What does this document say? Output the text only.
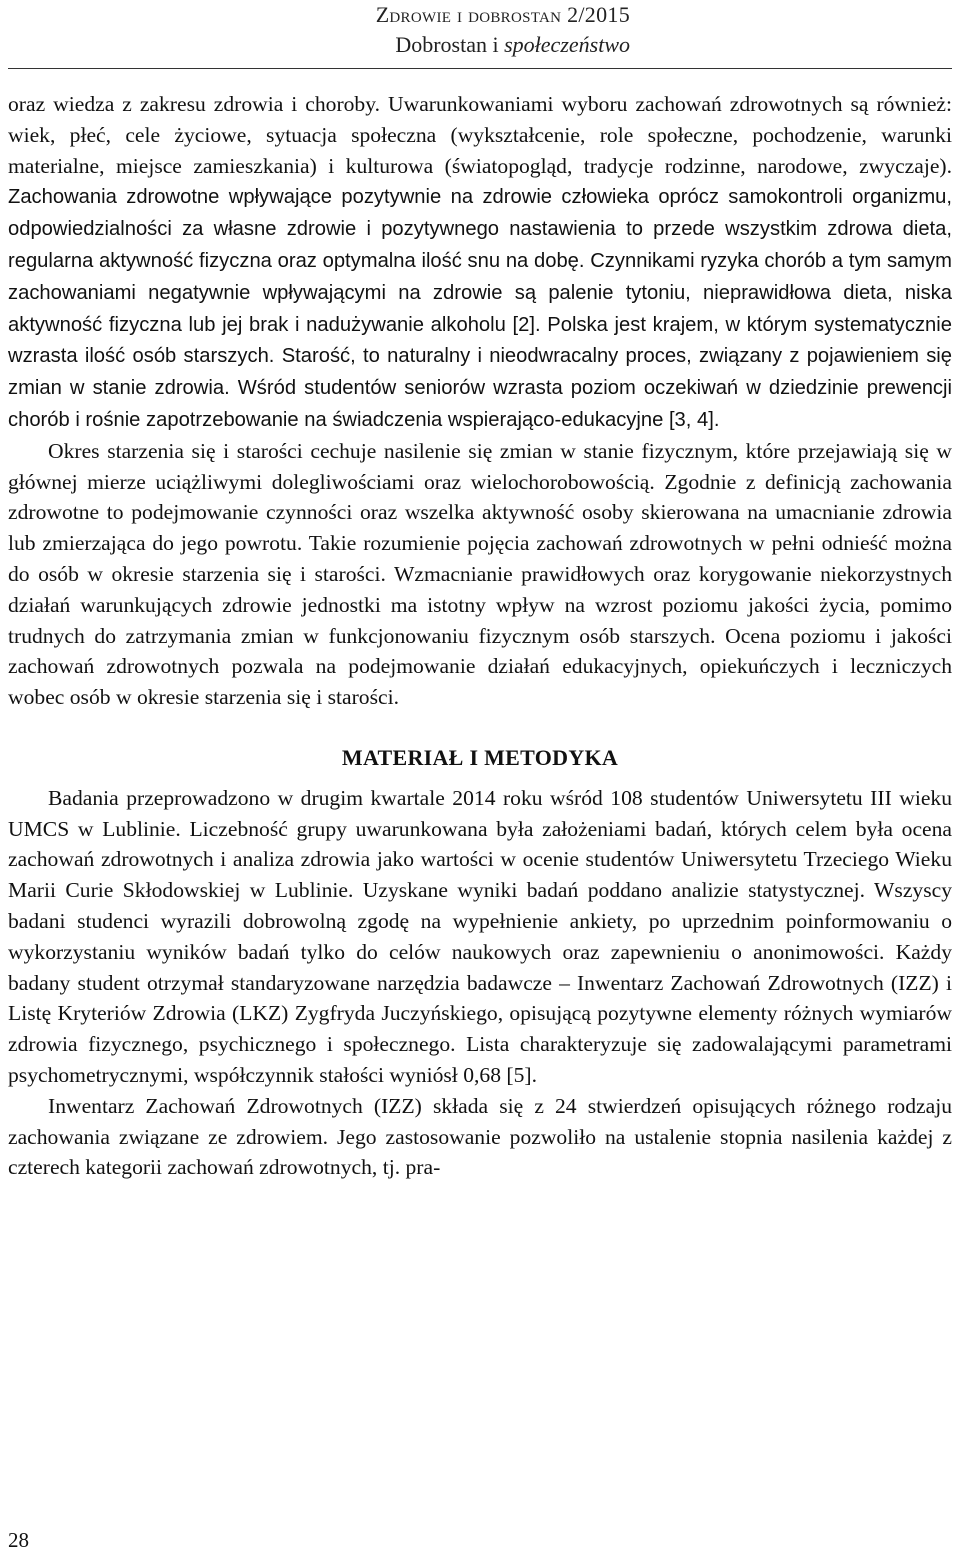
Zdrowie i dobrostan 2/2015
Dobrostan i społeczeństwo

oraz wiedza z zakresu zdrowia i choroby. Uwarunkowaniami wyboru zachowań zdrowotnych są również: wiek, płeć, cele życiowe, sytuacja społeczna (wykształcenie, role społeczne, pochodzenie, warunki materialne, miejsce zamieszkania) i kulturowa (światopogląd, tradycje rodzinne, narodowe, zwyczaje). Zachowania zdrowotne wpływające pozytywnie na zdrowie człowieka oprócz samokontroli organizmu, odpowiedzialności za własne zdrowie i pozytywnego nastawienia to przede wszystkim zdrowa dieta, regularna aktywność fizyczna oraz optymalna ilość snu na dobę. Czynnikami ryzyka chorób a tym samym zachowaniami negatywnie wpływającymi na zdrowie są palenie tytoniu, nieprawidłowa dieta, niska aktywność fizyczna lub jej brak i nadużywanie alkoholu [2]. Polska jest krajem, w którym systematycznie wzrasta ilość osób starszych. Starość, to naturalny i nieodwracalny proces, związany z pojawieniem się zmian w stanie zdrowia. Wśród studentów seniorów wzrasta poziom oczekiwań w dziedzinie prewencji chorób i rośnie zapotrzebowanie na świadczenia wspierająco-edukacyjne [3, 4].

Okres starzenia się i starości cechuje nasilenie się zmian w stanie fizycznym, które przejawiają się w głównej mierze uciążliwymi dolegliwościami oraz wielochorobowością. Zgodnie z definicją zachowania zdrowotne to podejmowanie czynności oraz wszelka aktywność osoby skierowana na umacnianie zdrowia lub zmierzająca do jego powrotu. Takie rozumienie pojęcia zachowań zdrowotnych w pełni odnieść można do osób w okresie starzenia się i starości. Wzmacnianie prawidłowych oraz korygowanie niekorzystnych działań warunkujących zdrowie jednostki ma istotny wpływ na wzrost poziomu jakości życia, pomimo trudnych do zatrzymania zmian w funkcjonowaniu fizycznym osób starszych. Ocena poziomu i jakości zachowań zdrowotnych pozwala na podejmowanie działań edukacyjnych, opiekuńczych i leczniczych wobec osób w okresie starzenia się i starości.

MATERIAŁ I METODYKA

Badania przeprowadzono w drugim kwartale 2014 roku wśród 108 studentów Uniwersytetu III wieku UMCS w Lublinie. Liczebność grupy uwarunkowana była założeniami badań, których celem była ocena zachowań zdrowotnych i analiza zdrowia jako wartości w ocenie studentów Uniwersytetu Trzeciego Wieku Marii Curie Skłodowskiej w Lublinie. Uzyskane wyniki badań poddano analizie statystycznej. Wszyscy badani studenci wyrazili dobrowolną zgodę na wypełnienie ankiety, po uprzednim poinformowaniu o wykorzystaniu wyników badań tylko do celów naukowych oraz zapewnieniu o anonimowości. Każdy badany student otrzymał standaryzowane narzędzia badawcze – Inwentarz Zachowań Zdrowotnych (IZZ) i Listę Kryteriów Zdrowia (LKZ) Zygfryda Juczyńskiego, opisującą pozytywne elementy różnych wymiarów zdrowia fizycznego, psychicznego i społecznego. Lista charakteryzuje się zadowalającymi parametrami psychometrycznymi, współczynnik stałości wyniósł 0,68 [5].

Inwentarz Zachowań Zdrowotnych (IZZ) składa się z 24 stwierdzeń opisujących różnego rodzaju zachowania związane ze zdrowiem. Jego zastosowanie pozwoliło na ustalenie stopnia nasilenia każdej z czterech kategorii zachowań zdrowotnych, tj. pra-

28
